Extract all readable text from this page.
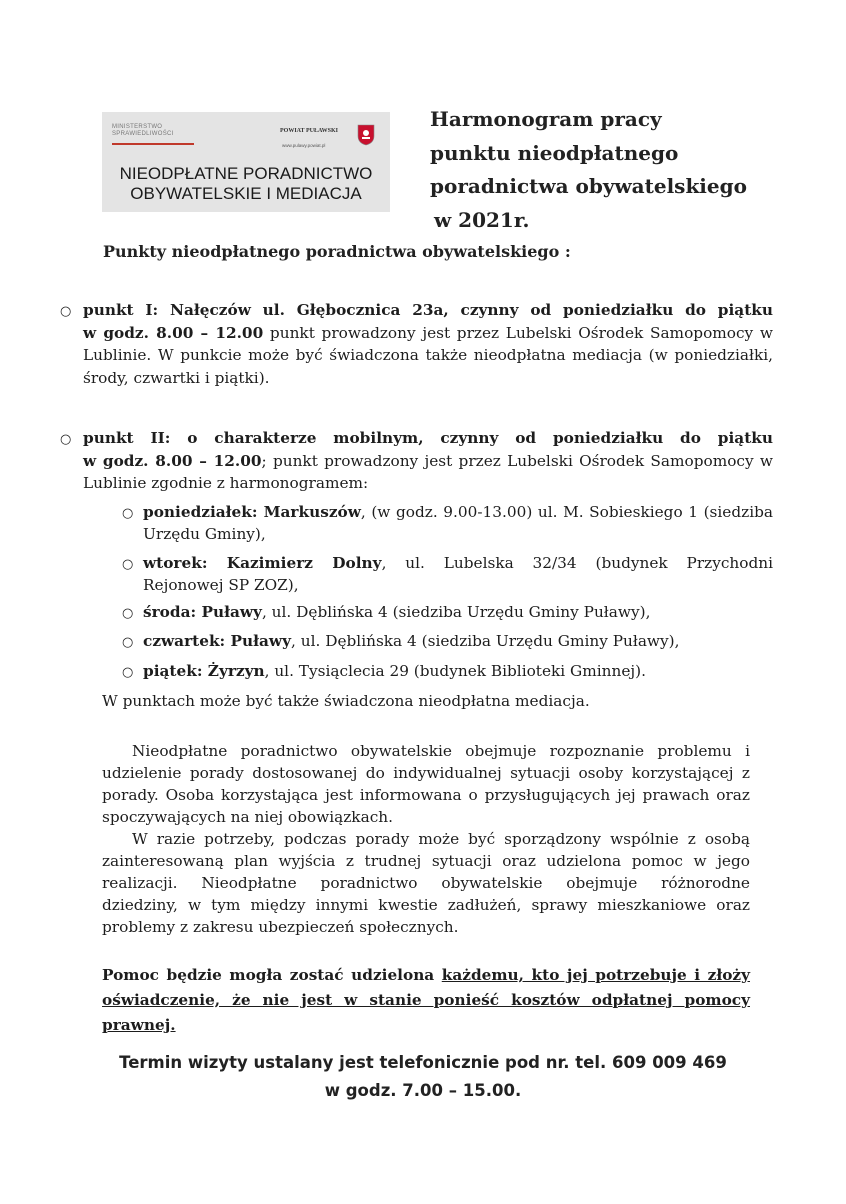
MINISTERSTWO SPRAWIEDLIWOŚCI	POWIAT PUŁAWSKI
www.pulawy.powiat.pl
NIEODPŁATNE PORADNICTWO
OBYWATELSKIE I MEDIACJA
Harmonogram pracy
punktu nieodpłatnego
poradnictwa obywatelskiego
w 2021r.
Punkty nieodpłatnego poradnictwa obywatelskiego :
○ punkt I: Nałęczów ul. Głębocznica 23a, czynny od poniedziałku do piątku
w godz. 8.00 – 12.00 punkt prowadzony jest przez Lubelski Ośrodek Samopomocy w
Lublinie. W punkcie może być świadczona także nieodpłatna mediacja (w poniedziałki,
środy, czwartki i piątki).
○ punkt II: o charakterze mobilnym, czynny od poniedziałku do piątku
w godz. 8.00 – 12.00; punkt prowadzony jest przez Lubelski Ośrodek Samopomocy w
Lublinie zgodnie z harmonogramem:
○ poniedziałek: Markuszów, (w godz. 9.00-13.00) ul. M. Sobieskiego 1 (siedziba
Urzędu Gminy),
○ wtorek: Kazimierz Dolny, ul. Lubelska 32/34 (budynek Przychodni
Rejonowej SP ZOZ),
○ środa: Puławy, ul. Dęblińska 4 (siedziba Urzędu Gminy Puławy),
○ czwartek: Puławy, ul. Dęblińska 4 (siedziba Urzędu Gminy Puławy),
○ piątek: Żyrzyn, ul. Tysiąclecia 29 (budynek Biblioteki Gminnej).
W punktach może być także świadczona nieodpłatna mediacja.
Nieodpłatne poradnictwo obywatelskie obejmuje rozpoznanie problemu i
udzielenie porady dostosowanej do indywidualnej sytuacji osoby korzystającej z
porady. Osoba korzystająca jest informowana o przysługujących jej prawach oraz
spoczywających na niej obowiązkach.
W razie potrzeby, podczas porady może być sporządzony wspólnie z osobą
zainteresowaną plan wyjścia z trudnej sytuacji oraz udzielona pomoc w jego
realizacji. Nieodpłatne poradnictwo obywatelskie obejmuje różnorodne
dziedziny, w tym między innymi kwestie zadłużeń, sprawy mieszkaniowe oraz
problemy z zakresu ubezpieczeń społecznych.
Pomoc będzie mogła zostać udzielona każdemu, kto jej potrzebuje i złoży
oświadczenie, że nie jest w stanie ponieść kosztów odpłatnej pomocy
prawnej.
Termin wizyty ustalany jest telefonicznie pod nr. tel. 609 009 469
w godz. 7.00 – 15.00.
